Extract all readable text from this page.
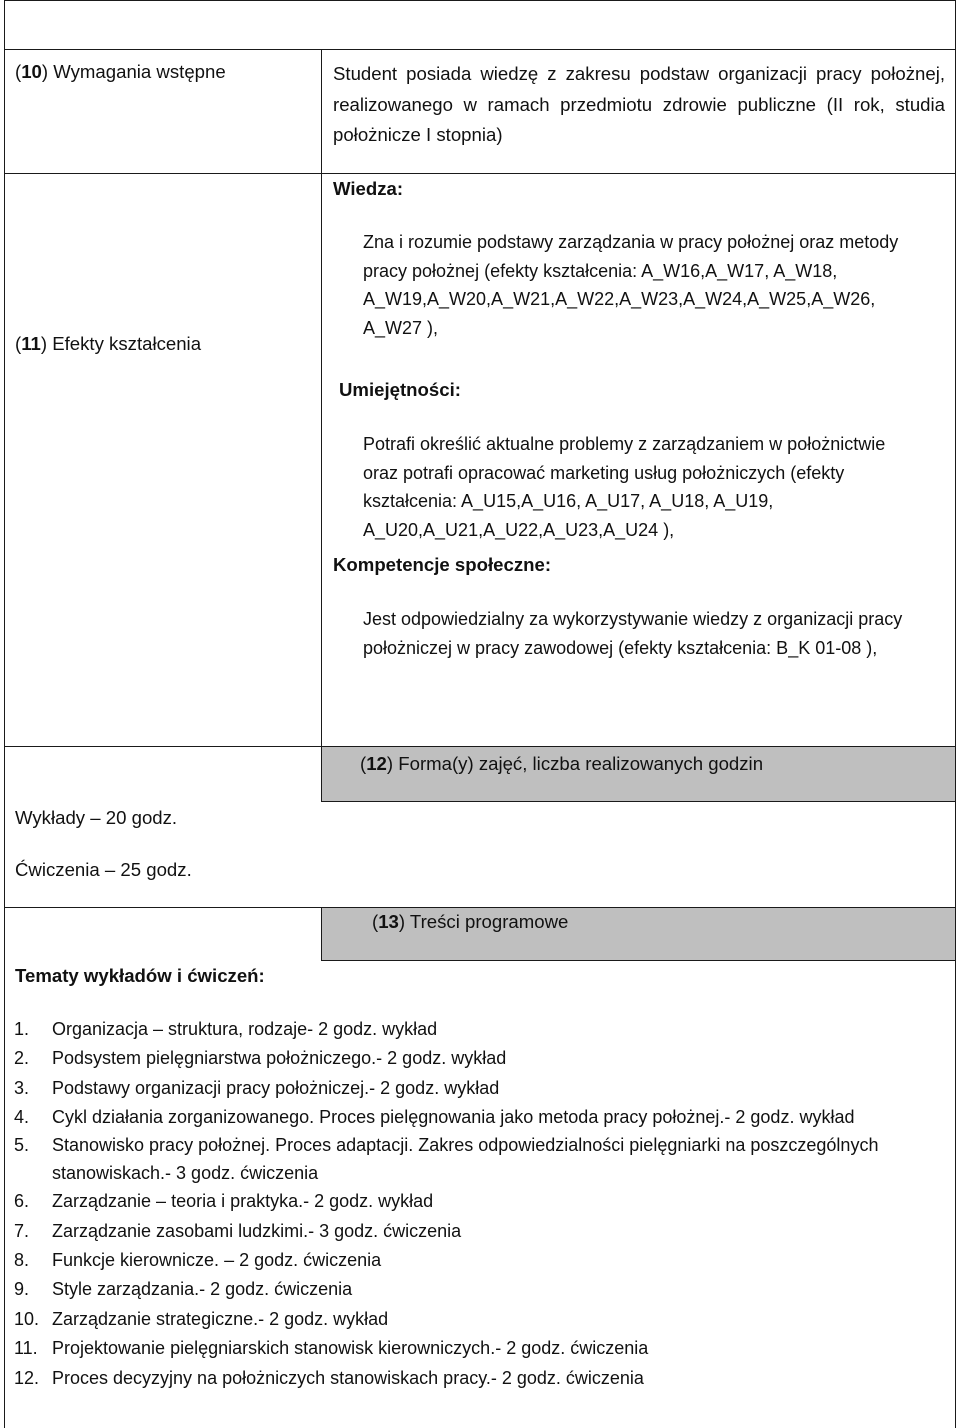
(10) Wymagania wstępne	Student posiada wiedzę z zakresu podstaw organizacji pracy położnej, realizowanego w ramach przedmiotu zdrowie publiczne (II rok, studia położnicze I stopnia)
(11) Efekty kształcenia
Wiedza:
Zna i rozumie podstawy zarządzania w pracy położnej oraz metody pracy położnej (efekty kształcenia: A_W16,A_W17, A_W18, A_W19,A_W20,A_W21,A_W22,A_W23,A_W24,A_W25,A_W26, A_W27 ),
Umiejętności:
Potrafi określić aktualne problemy z zarządzaniem w położnictwie oraz potrafi opracować marketing usług położniczych (efekty kształcenia: A_U15,A_U16, A_U17, A_U18, A_U19, A_U20,A_U21,A_U22,A_U23,A_U24 ),
Kompetencje społeczne:
Jest odpowiedzialny za wykorzystywanie wiedzy z organizacji pracy położniczej w pracy zawodowej (efekty kształcenia: B_K 01-08 ),
(12) Forma(y) zajęć, liczba realizowanych godzin
Wykłady – 20 godz.
Ćwiczenia – 25 godz.
(13) Treści programowe
Tematy wykładów i ćwiczeń:
1. Organizacja – struktura, rodzaje- 2 godz. wykład
2. Podsystem pielęgniarstwa położniczego.- 2 godz. wykład
3. Podstawy organizacji pracy położniczej.- 2 godz. wykład
4. Cykl działania zorganizowanego. Proces pielęgnowania jako metoda pracy położnej.- 2 godz. wykład
5. Stanowisko pracy położnej. Proces adaptacji. Zakres odpowiedzialności pielęgniarki na poszczególnych stanowiskach.- 3 godz. ćwiczenia
6. Zarządzanie – teoria i praktyka.- 2 godz. wykład
7. Zarządzanie zasobami ludzkimi.- 3 godz. ćwiczenia
8. Funkcje kierownicze. – 2 godz. ćwiczenia
9. Style zarządzania.- 2 godz. ćwiczenia
10. Zarządzanie strategiczne.- 2 godz. wykład
11. Projektowanie pielęgniarskich stanowisk kierowniczych.- 2 godz. ćwiczenia
12. Proces decyzyjny na położniczych stanowiskach pracy.- 2 godz. ćwiczenia
